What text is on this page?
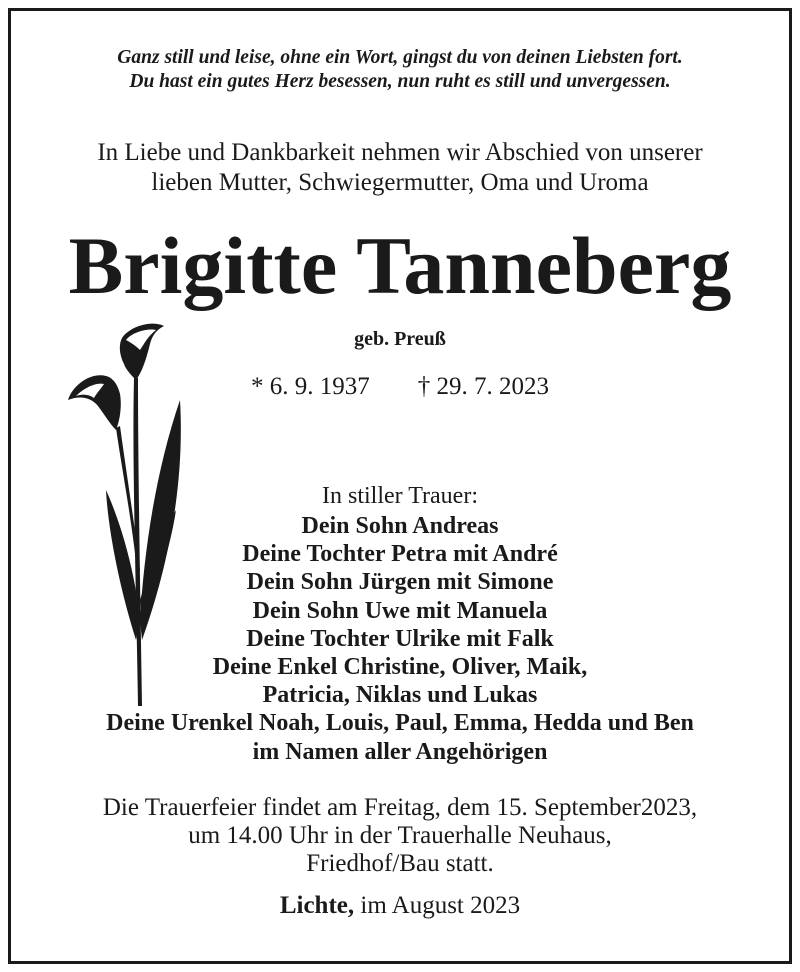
Ganz still und leise, ohne ein Wort, gingst du von deinen Liebsten fort.
Du hast ein gutes Herz besessen, nun ruht es still und unvergessen.
In Liebe und Dankbarkeit nehmen wir Abschied von unserer
lieben Mutter, Schwiegermutter, Oma und Uroma
Brigitte Tanneberg
geb. Preuß
* 6. 9. 1937 † 29. 7. 2023
In stiller Trauer:
Dein Sohn Andreas
Deine Tochter Petra mit André
Dein Sohn Jürgen mit Simone
Dein Sohn Uwe mit Manuela
Deine Tochter Ulrike mit Falk
Deine Enkel Christine, Oliver, Maik,
Patricia, Niklas und Lukas
Deine Urenkel Noah, Louis, Paul, Emma, Hedda und Ben
im Namen aller Angehörigen
Die Trauerfeier findet am Freitag, dem 15. September2023,
um 14.00 Uhr in der Trauerhalle Neuhaus,
Friedhof/Bau statt.
Lichte, im August 2023
